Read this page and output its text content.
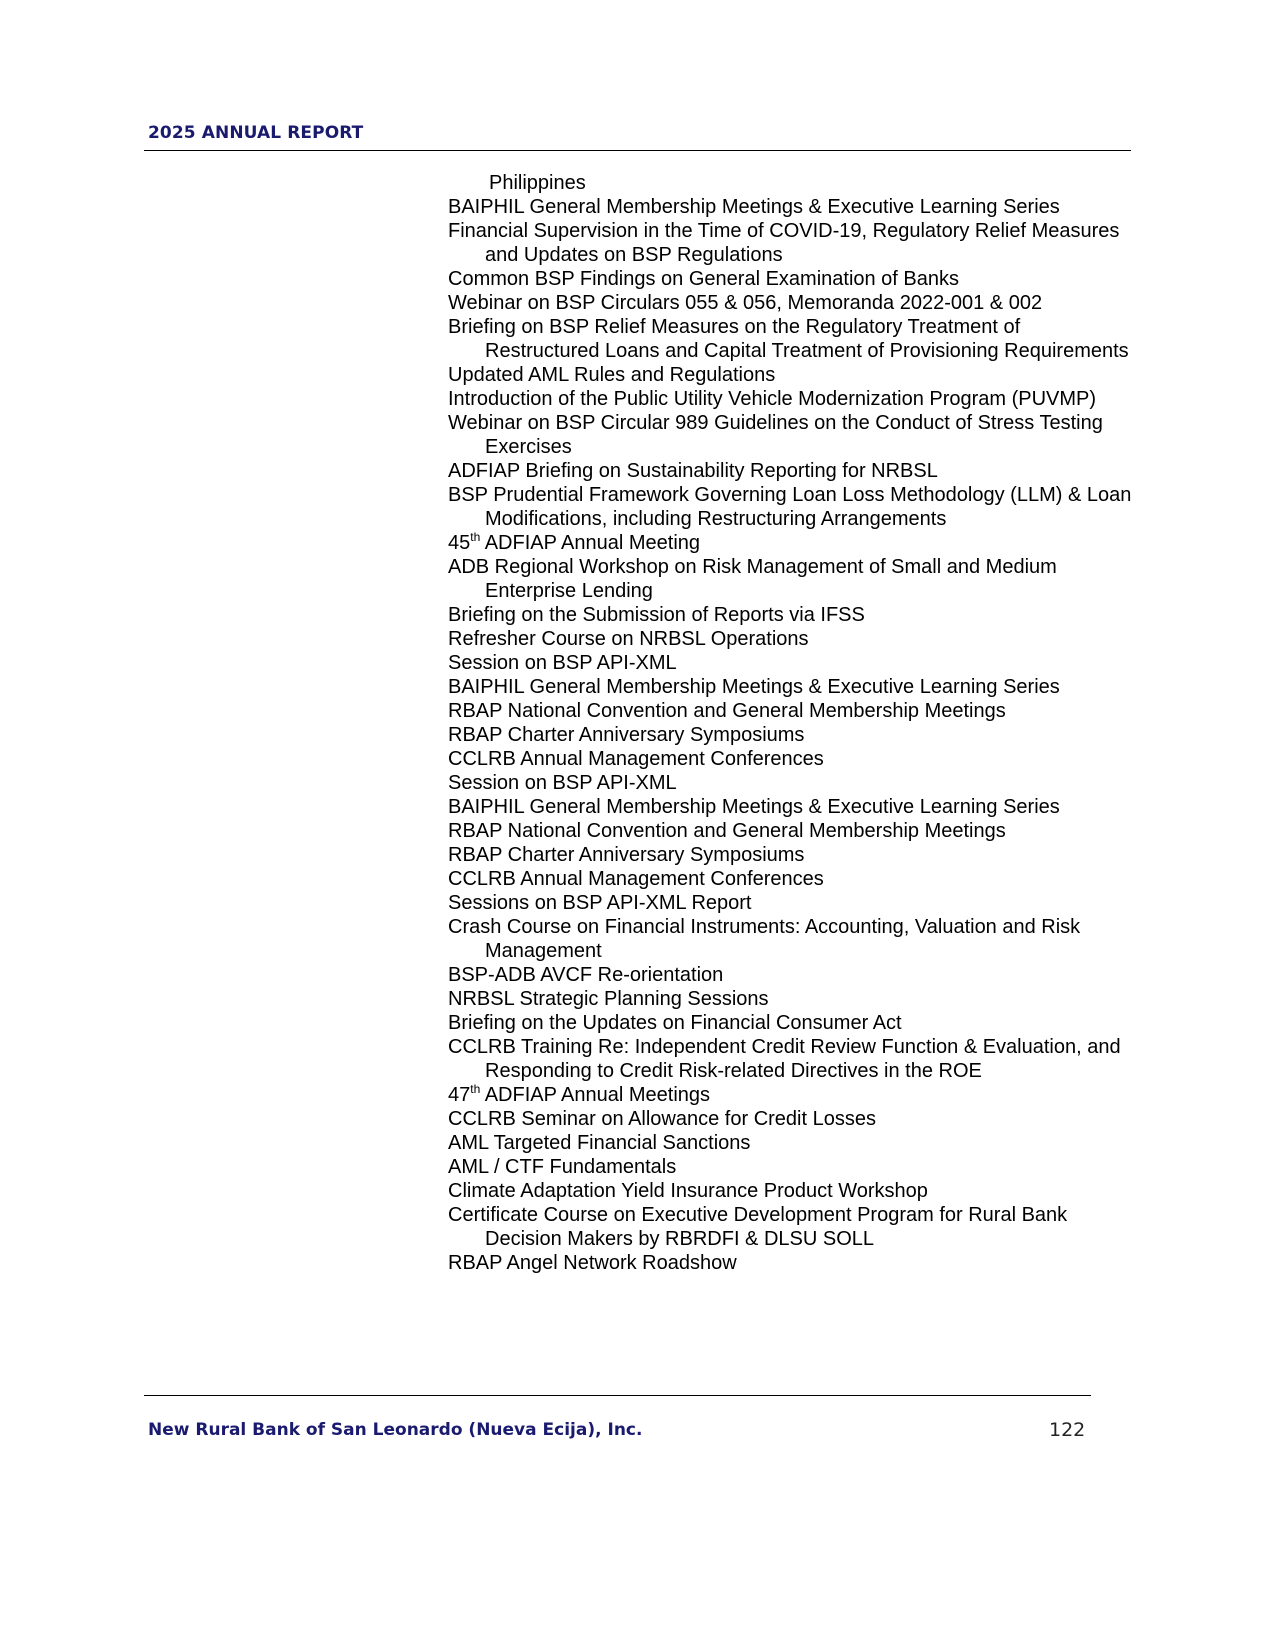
2025 ANNUAL REPORT
Philippines
BAIPHIL General Membership Meetings & Executive Learning Series
Financial Supervision in the Time of COVID-19, Regulatory Relief Measures and Updates on BSP Regulations
Common BSP Findings on General Examination of Banks
Webinar on BSP Circulars 055 & 056, Memoranda 2022-001 & 002
Briefing on BSP Relief Measures on the Regulatory Treatment of Restructured Loans and Capital Treatment of Provisioning Requirements
Updated AML Rules and Regulations
Introduction of the Public Utility Vehicle Modernization Program (PUVMP)
Webinar on BSP Circular 989 Guidelines on the Conduct of Stress Testing Exercises
ADFIAP Briefing on Sustainability Reporting for NRBSL
BSP Prudential Framework Governing Loan Loss Methodology (LLM) & Loan Modifications, including Restructuring Arrangements
45th ADFIAP Annual Meeting
ADB Regional Workshop on Risk Management of Small and Medium Enterprise Lending
Briefing on the Submission of Reports via IFSS
Refresher Course on NRBSL Operations
Session on BSP API-XML
BAIPHIL General Membership Meetings & Executive Learning Series
RBAP National Convention and General Membership Meetings
RBAP Charter Anniversary Symposiums
CCLRB Annual Management Conferences
Session on BSP API-XML
BAIPHIL General Membership Meetings & Executive Learning Series
RBAP National Convention and General Membership Meetings
RBAP Charter Anniversary Symposiums
CCLRB Annual Management Conferences
Sessions on BSP API-XML Report
Crash Course on Financial Instruments: Accounting, Valuation and Risk Management
BSP-ADB AVCF Re-orientation
NRBSL Strategic Planning Sessions
Briefing on the Updates on Financial Consumer Act
CCLRB Training Re: Independent Credit Review Function & Evaluation, and Responding to Credit Risk-related Directives in the ROE
47th ADFIAP Annual Meetings
CCLRB Seminar on Allowance for Credit Losses
AML Targeted Financial Sanctions
AML / CTF Fundamentals
Climate Adaptation Yield Insurance Product Workshop
Certificate Course on Executive Development Program for Rural Bank Decision Makers by RBRDFI & DLSU SOLL
RBAP Angel Network Roadshow
New Rural Bank of San Leonardo (Nueva Ecija), Inc.	122
